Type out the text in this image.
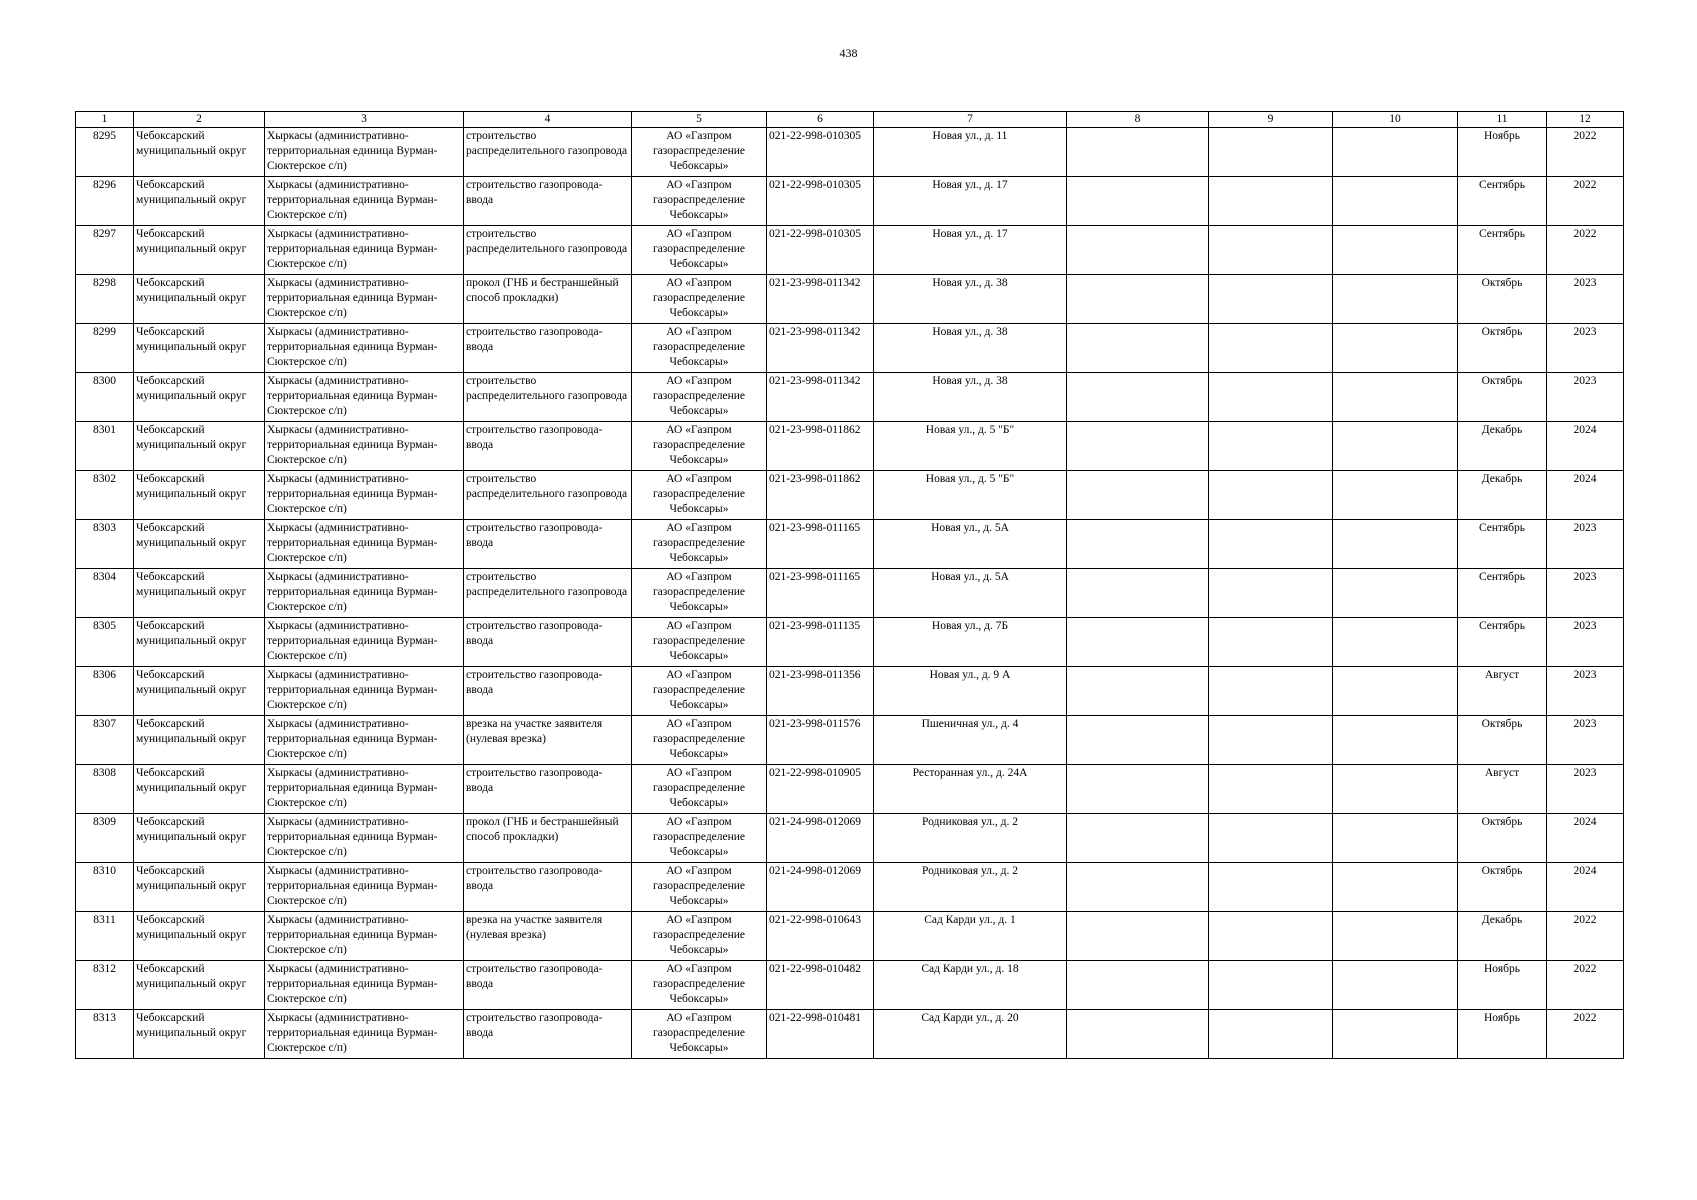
438
1	2	3	4	5	6	7	8	9	10	11	12
8295	Чебоксарский муниципальный округ	Хыркасы (административно-территориальная единица Вурман-Сюктерское с/п)	строительство распределительного газопровода	АО «Газпром газораспределение Чебоксары»	021-22-998-010305	Новая ул., д. 11				Ноябрь	2022
8296	Чебоксарский муниципальный округ	Хыркасы (административно-территориальная единица Вурман-Сюктерское с/п)	строительство газопровода-ввода	АО «Газпром газораспределение Чебоксары»	021-22-998-010305	Новая ул., д. 17				Сентябрь	2022
8297	Чебоксарский муниципальный округ	Хыркасы (административно-территориальная единица Вурман-Сюктерское с/п)	строительство распределительного газопровода	АО «Газпром газораспределение Чебоксары»	021-22-998-010305	Новая ул., д. 17				Сентябрь	2022
8298	Чебоксарский муниципальный округ	Хыркасы (административно-территориальная единица Вурман-Сюктерское с/п)	прокол (ГНБ и бестраншейный способ прокладки)	АО «Газпром газораспределение Чебоксары»	021-23-998-011342	Новая ул., д. 38				Октябрь	2023
8299	Чебоксарский муниципальный округ	Хыркасы (административно-территориальная единица Вурман-Сюктерское с/п)	строительство газопровода-ввода	АО «Газпром газораспределение Чебоксары»	021-23-998-011342	Новая ул., д. 38				Октябрь	2023
8300	Чебоксарский муниципальный округ	Хыркасы (административно-территориальная единица Вурман-Сюктерское с/п)	строительство распределительного газопровода	АО «Газпром газораспределение Чебоксары»	021-23-998-011342	Новая ул., д. 38				Октябрь	2023
8301	Чебоксарский муниципальный округ	Хыркасы (административно-территориальная единица Вурман-Сюктерское с/п)	строительство газопровода-ввода	АО «Газпром газораспределение Чебоксары»	021-23-998-011862	Новая ул., д. 5 "Б"				Декабрь	2024
8302	Чебоксарский муниципальный округ	Хыркасы (административно-территориальная единица Вурман-Сюктерское с/п)	строительство распределительного газопровода	АО «Газпром газораспределение Чебоксары»	021-23-998-011862	Новая ул., д. 5 "Б"				Декабрь	2024
8303	Чебоксарский муниципальный округ	Хыркасы (административно-территориальная единица Вурман-Сюктерское с/п)	строительство газопровода-ввода	АО «Газпром газораспределение Чебоксары»	021-23-998-011165	Новая ул., д. 5А				Сентябрь	2023
8304	Чебоксарский муниципальный округ	Хыркасы (административно-территориальная единица Вурман-Сюктерское с/п)	строительство распределительного газопровода	АО «Газпром газораспределение Чебоксары»	021-23-998-011165	Новая ул., д. 5А				Сентябрь	2023
8305	Чебоксарский муниципальный округ	Хыркасы (административно-территориальная единица Вурман-Сюктерское с/п)	строительство газопровода-ввода	АО «Газпром газораспределение Чебоксары»	021-23-998-011135	Новая ул., д. 7Б				Сентябрь	2023
8306	Чебоксарский муниципальный округ	Хыркасы (административно-территориальная единица Вурман-Сюктерское с/п)	строительство газопровода-ввода	АО «Газпром газораспределение Чебоксары»	021-23-998-011356	Новая ул., д. 9 А				Август	2023
8307	Чебоксарский муниципальный округ	Хыркасы (административно-территориальная единица Вурман-Сюктерское с/п)	врезка на участке заявителя (нулевая врезка)	АО «Газпром газораспределение Чебоксары»	021-23-998-011576	Пшеничная ул., д. 4				Октябрь	2023
8308	Чебоксарский муниципальный округ	Хыркасы (административно-территориальная единица Вурман-Сюктерское с/п)	строительство газопровода-ввода	АО «Газпром газораспределение Чебоксары»	021-22-998-010905	Ресторанная ул., д. 24А				Август	2023
8309	Чебоксарский муниципальный округ	Хыркасы (административно-территориальная единица Вурман-Сюктерское с/п)	прокол (ГНБ и бестраншейный способ прокладки)	АО «Газпром газораспределение Чебоксары»	021-24-998-012069	Родниковая ул., д. 2				Октябрь	2024
8310	Чебоксарский муниципальный округ	Хыркасы (административно-территориальная единица Вурман-Сюктерское с/п)	строительство газопровода-ввода	АО «Газпром газораспределение Чебоксары»	021-24-998-012069	Родниковая ул., д. 2				Октябрь	2024
8311	Чебоксарский муниципальный округ	Хыркасы (административно-территориальная единица Вурман-Сюктерское с/п)	врезка на участке заявителя (нулевая врезка)	АО «Газпром газораспределение Чебоксары»	021-22-998-010643	Сад Карди ул., д. 1				Декабрь	2022
8312	Чебоксарский муниципальный округ	Хыркасы (административно-территориальная единица Вурман-Сюктерское с/п)	строительство газопровода-ввода	АО «Газпром газораспределение Чебоксары»	021-22-998-010482	Сад Карди ул., д. 18				Ноябрь	2022
8313	Чебоксарский муниципальный округ	Хыркасы (административно-территориальная единица Вурман-Сюктерское с/п)	строительство газопровода-ввода	АО «Газпром газораспределение Чебоксары»	021-22-998-010481	Сад Карди ул., д. 20				Ноябрь	2022
